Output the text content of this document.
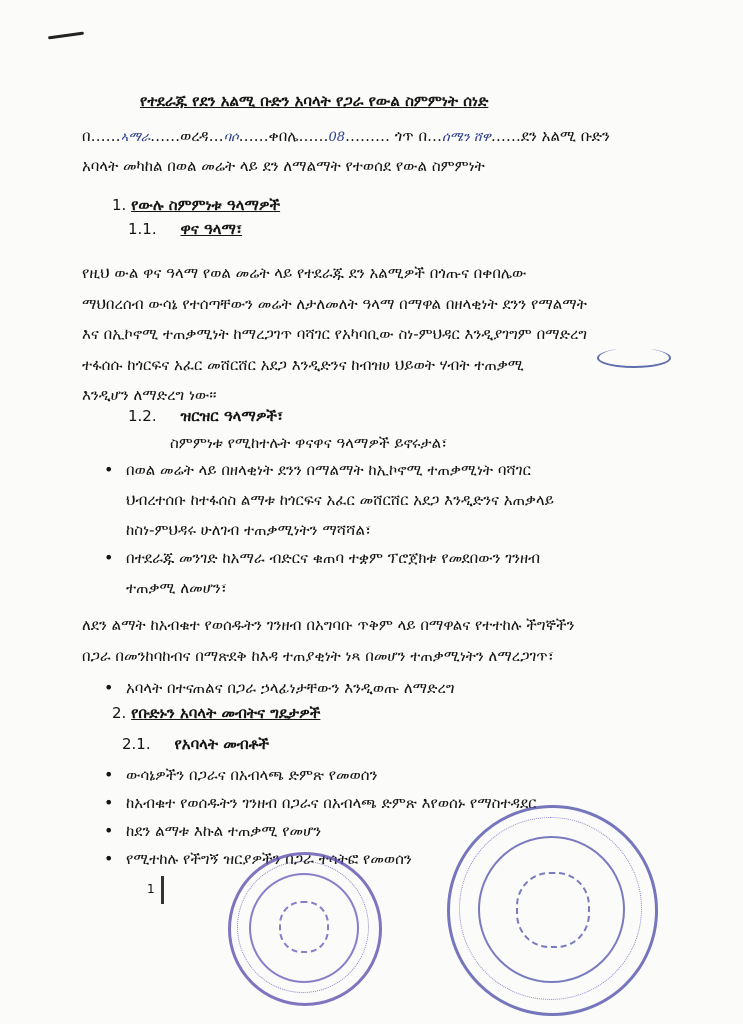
የተደራጁ የደን አልሚ ቡድን አባላት የጋራ የውል ስምምነት ሰነድ
በ……ኣማራ……ወረዳ…ባሶ……ቀበሌ……08……… ጎጥ በ…ሰሜን ሸዋ……ደን አልሚ ቡድን
አባላት መካከል በወል መሬት ላይ ደን ለማልማት የተወሰደ የውል ስምምነት
1. የውሉ ስምምነቱ ዓላማዎች
1.1. ዋና ዓላማ፣
የዚህ ውል ዋና ዓላማ የወል መሬት ላይ የተደራጁ ደን አልሚዎች በጎጡና በቀበሌው
ማህበረሰብ ውሳኔ የተሰጣቸውን መሬት ለታለመለት ዓላማ በማዋል በዘላቂነት ደንን የማልማት
እና በኢኮኖሚ ተጠቃሚነት ከማረጋገጥ ባሻገር የአካባቢው ስነ-ምህዳር እንዲያገግም በማድረግ
ተፋሰሱ ከጎርፍና አፈር መሸርሸር አደጋ እንዲድንና ከብዝሀ ህይወት ሃብት ተጠቃሚ
እንዲሆን ለማድረግ ነው፡፡
1.2. ዝርዝር ዓላማዎች፣
ስምምነቱ የሚከተሉት ዋናዋና ዓላማዎች ይኖሩታል፣
• በወል መሬት ላይ በዘላቂነት ደንን በማልማት ከኢኮኖሚ ተጠቃሚነት ባሻገር
ህብረተሰቡ ከተፋሰስ ልማቱ ከጎርፍና አፈር መሸርሸር አደጋ እንዲድንና አጠቃላይ
ከስነ-ምህዳሩ ሁለገብ ተጠቃሚነትን ማሻሻል፣
• በተደራጁ መንገድ ከአማራ ብድርና ቁጠባ ተቋም ፕሮጀክቱ የመደበውን ገንዘብ
ተጠቃሚ ለመሆን፣
ለደን ልማት ከአብቁተ የወሰዱትን ገንዘብ በአግባቡ ጥቅም ላይ በማዋልና የተተከሉ ችግኞችን
በጋራ በመንከባከብና በማጽደቅ ከእዳ ተጠያቂነት ነጻ በመሆን ተጠቃሚነትን ለማረጋገጥ፣
• አባላት በተናጠልና በጋራ ኃላፊነታቸውን እንዲወጡ ለማድረግ
2. የቡድኑን አባላት መብትና ግዴታዎች
2.1. የአባላት መብቶች
• ውሳኔዎችን በጋራና በአብላጫ ድምጽ የመወሰን
• ከአብቁተ የወሰዱትን ገንዘብ በጋራና በአብላጫ ድምጽ እየወሰኑ የማስተዳደር
• ከደን ልማቱ እኩል ተጠቃሚ የመሆን
• የሚተከሉ የችግኝ ዝርያዎችን በጋራ ተሳትፎ የመወሰን
1
